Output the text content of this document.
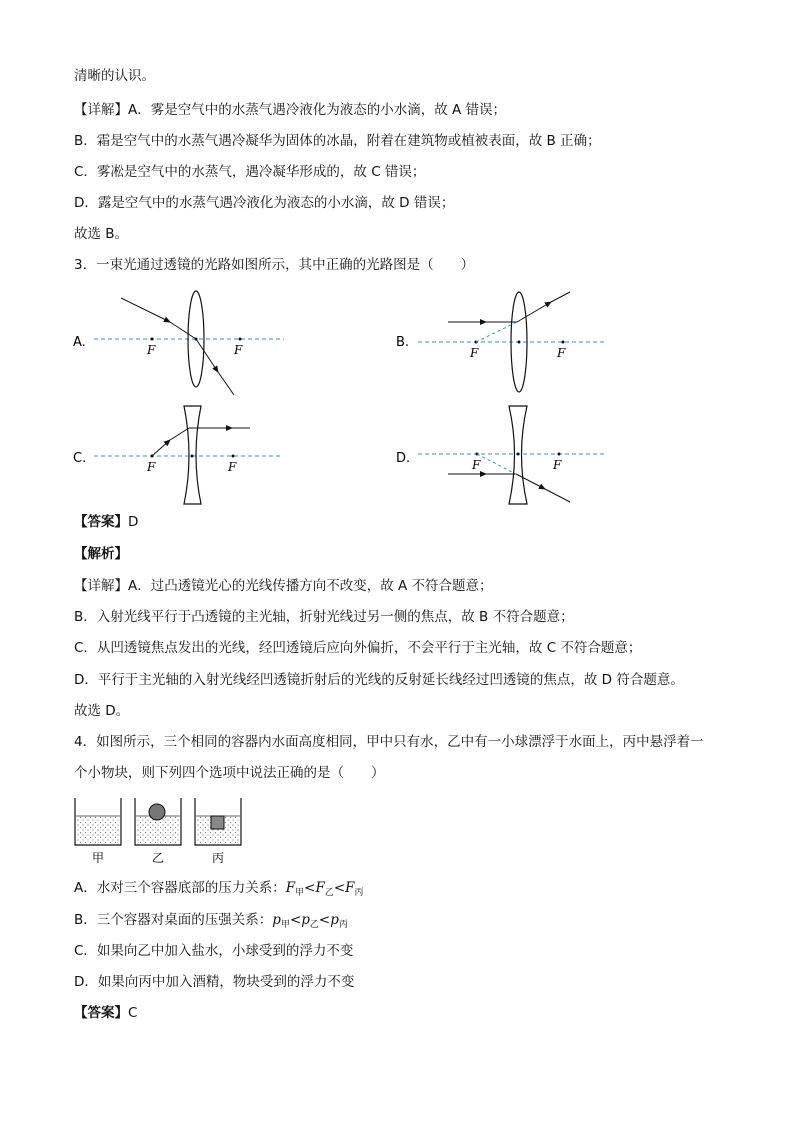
清晰的认识。
【详解】A．雾是空气中的水蒸气遇冷液化为液态的小水滴，故 A 错误；
B．霜是空气中的水蒸气遇冷凝华为固体的冰晶，附着在建筑物或植被表面，故 B 正确；
C．雾凇是空气中的水蒸气，遇冷凝华形成的，故 C 错误；
D．露是空气中的水蒸气遇冷液化为液态的小水滴，故 D 错误；
故选 B。
3．一束光通过透镜的光路如图所示，其中正确的光路图是（　　）
A.	F	F	B.
F	F
C.
F	F
D.	F	F
【答案】D
【解析】
【详解】A．过凸透镜光心的光线传播方向不改变，故 A 不符合题意；
B．入射光线平行于凸透镜的主光轴，折射光线过另一侧的焦点，故 B 不符合题意；
C．从凹透镜焦点发出的光线，经凹透镜后应向外偏折，不会平行于主光轴，故 C 不符合题意；
D．平行于主光轴的入射光线经凹透镜折射后的光线的反射延长线经过凹透镜的焦点，故 D 符合题意。
故选 D。
4．如图所示，三个相同的容器内水面高度相同，甲中只有水，乙中有一小球漂浮于水面上，丙中悬浮着一
个小物块，则下列四个选项中说法正确的是（　　）
甲	乙	丙
A．水对三个容器底部的压力关系：$F_甲<F_乙<F_丙$
B．三个容器对桌面的压强关系：$p_甲<p_乙<p_丙$
C．如果向乙中加入盐水，小球受到的浮力不变
D．如果向丙中加入酒精，物块受到的浮力不变
【答案】C
